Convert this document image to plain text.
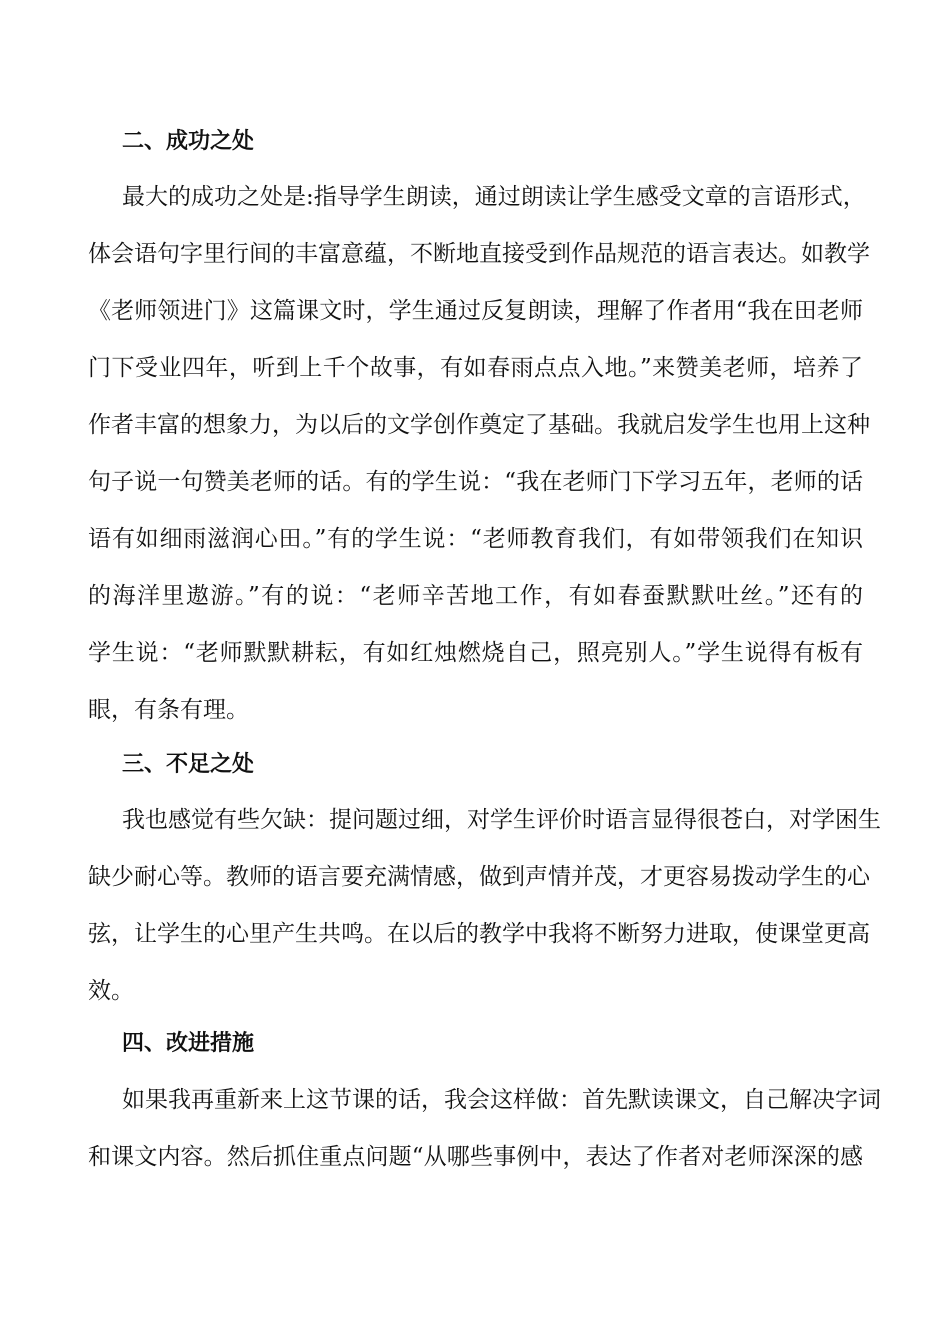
二、成功之处
最大的成功之处是:指导学生朗读，通过朗读让学生感受文章的言语形式，
体会语句字里行间的丰富意蕴，不断地直接受到作品规范的语言表达。如教学
《老师领进门》这篇课文时，学生通过反复朗读，理解了作者用“我在田老师
门下受业四年，听到上千个故事，有如春雨点点入地。”来赞美老师，培养了
作者丰富的想象力，为以后的文学创作奠定了基础。我就启发学生也用上这种
句子说一句赞美老师的话。有的学生说：“我在老师门下学习五年，老师的话
语有如细雨滋润心田。”有的学生说：“老师教育我们，有如带领我们在知识
的海洋里遨游。”有的说：“老师辛苦地工作，有如春蚕默默吐丝。”还有的
学生说：“老师默默耕耘，有如红烛燃烧自己，照亮别人。”学生说得有板有
眼，有条有理。
三、不足之处
我也感觉有些欠缺：提问题过细，对学生评价时语言显得很苍白，对学困生
缺少耐心等。教师的语言要充满情感，做到声情并茂，才更容易拨动学生的心
弦，让学生的心里产生共鸣。在以后的教学中我将不断努力进取，使课堂更高
效。
四、改进措施
如果我再重新来上这节课的话，我会这样做：首先默读课文，自己解决字词
和课文内容。然后抓住重点问题“从哪些事例中，表达了作者对老师深深的感
